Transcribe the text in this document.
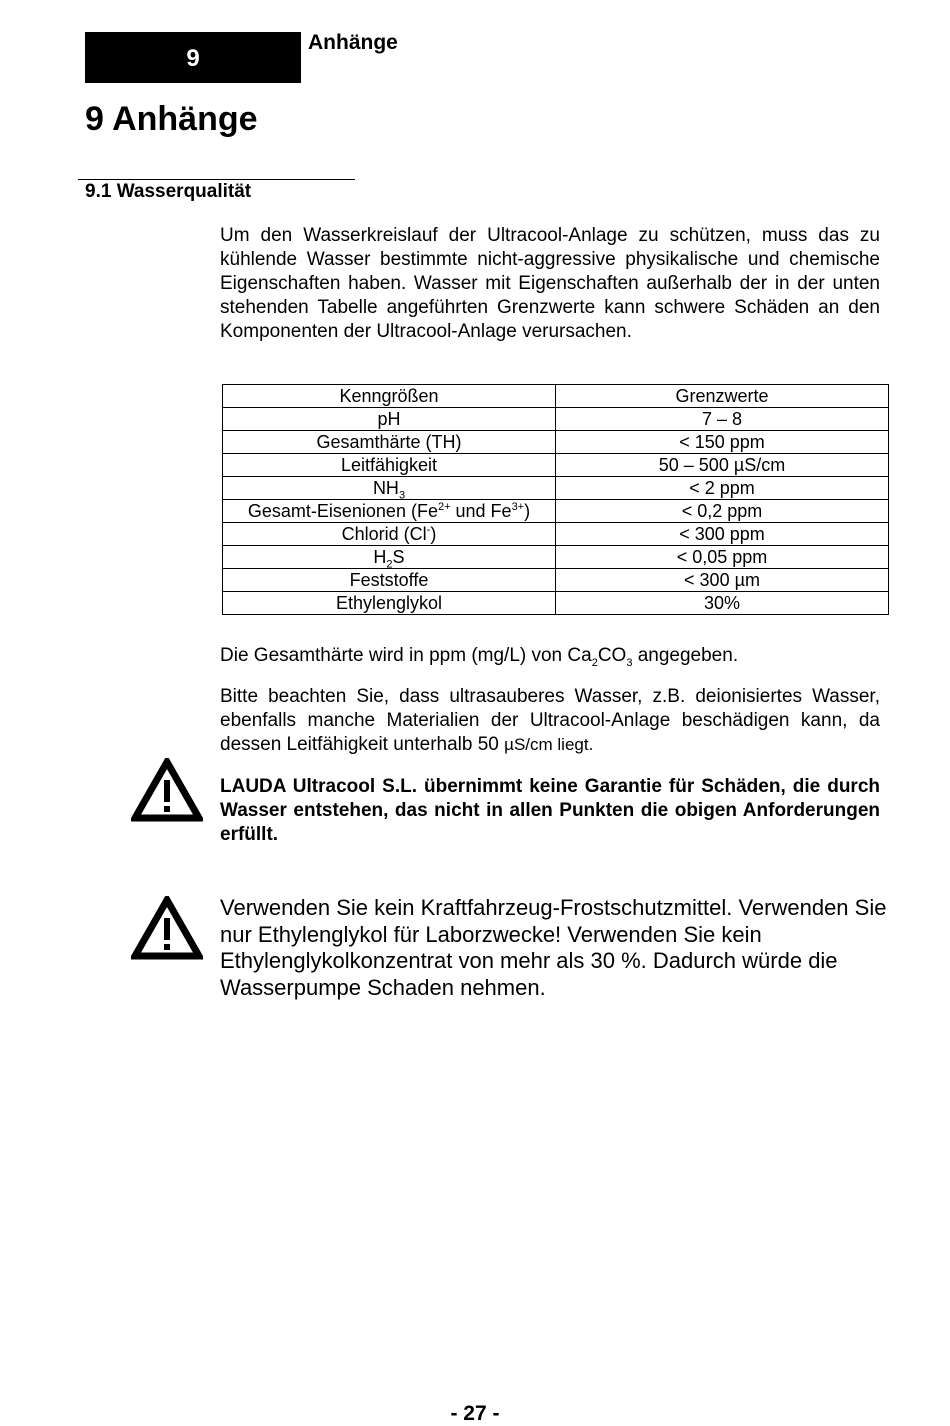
9
Anhänge
9 Anhänge
9.1 Wasserqualität
Um den Wasserkreislauf der Ultracool-Anlage zu schützen, muss das zu kühlende Wasser bestimmte nicht-aggressive physikalische und chemische Eigenschaften haben. Wasser mit Eigenschaften außerhalb der in der unten stehenden Tabelle angeführten Grenzwerte kann schwere Schäden an den Komponenten der Ultracool-Anlage verursachen.
Kenngrößen	Grenzwerte
pH	7 – 8
Gesamthärte (TH)	< 150 ppm
Leitfähigkeit	50 – 500 µS/cm
$NH_3$	< 2 ppm
Gesamt-Eisenionen ($Fe^{2+}$ und $Fe^{3+}$)	< 0,2 ppm
Chlorid (Cl-)	< 300 ppm
$H_2S$	< 0,05 ppm
Feststoffe	< 300 µm
Ethylenglykol	30%
Die Gesamthärte wird in ppm (mg/L) von $Ca_2CO_3$ angegeben.
Bitte beachten Sie, dass ultrasauberes Wasser, z.B. deionisiertes Wasser, ebenfalls manche Materialien der Ultracool-Anlage beschädigen kann, da dessen Leitfähigkeit unterhalb 50 µS/cm liegt.
LAUDA Ultracool S.L. übernimmt keine Garantie für Schäden, die durch Wasser entstehen, das nicht in allen Punkten die obigen Anforderungen erfüllt.
Verwenden Sie kein Kraftfahrzeug-Frostschutzmittel. Verwenden Sie nur Ethylenglykol für Laborzwecke! Verwenden Sie kein Ethylenglykolkonzentrat von mehr als 30 %. Dadurch würde die Wasserpumpe Schaden nehmen.
- 27 -
